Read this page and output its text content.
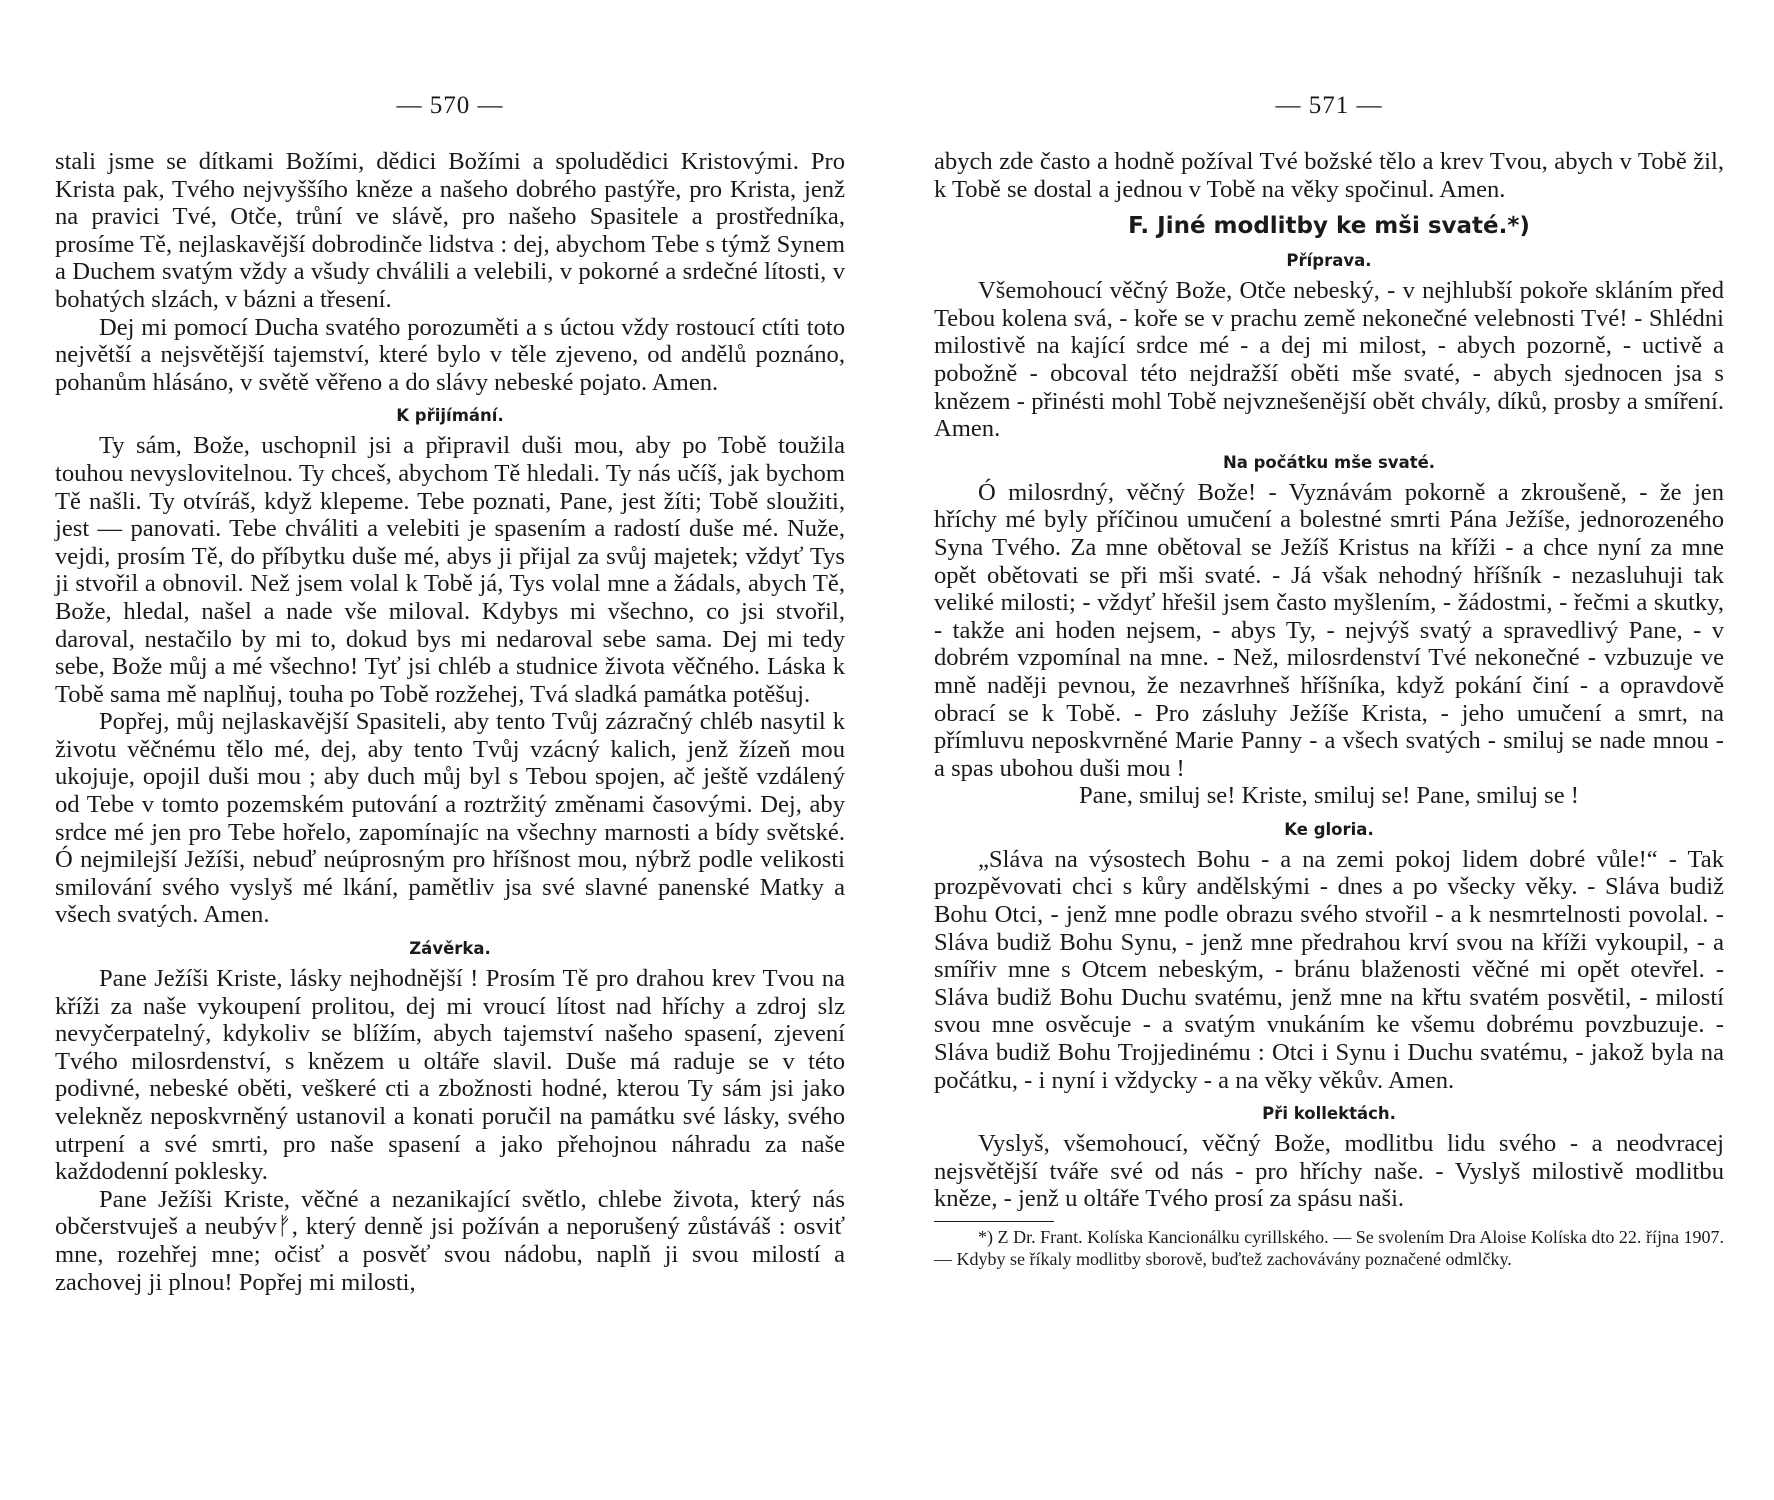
— 570 —

stali jsme se dítkami Božími, dědici Božími a spoludědici Kristovými. Pro Krista pak, Tvého nejvyššího kněze a našeho dobrého pastýře, pro Krista, jenž na pravici Tvé, Otče, trůní ve slávě, pro našeho Spasitele a prostředníka, prosíme Tě, nejlaskavější dobrodinče lidstva : dej, abychom Tebe s týmž Synem a Duchem svatým vždy a všudy chválili a velebili, v pokorné a srdečné lítosti, v bohatých slzách, v bázni a třesení.

Dej mi pomocí Ducha svatého porozuměti a s úctou vždy rostoucí ctíti toto největší a nejsvětější tajemství, které bylo v těle zjeveno, od andělů poznáno, pohanům hlásáno, v světě věřeno a do slávy nebeské pojato. Amen.

K přijímání.

Ty sám, Bože, uschopnil jsi a připravil duši mou, aby po Tobě toužila touhou nevyslovitelnou. Ty chceš, abychom Tě hledali. Ty nás učíš, jak bychom Tě našli. Ty otvíráš, když klepeme. Tebe poznati, Pane, jest žíti; Tobě sloužiti, jest — panovati. Tebe chváliti a velebiti je spasením a radostí duše mé. Nuže, vejdi, prosím Tě, do příbytku duše mé, abys ji přijal za svůj majetek; vždyť Tys ji stvořil a obnovil. Než jsem volal k Tobě já, Tys volal mne a žádals, abych Tě, Bože, hledal, našel a nade vše miloval. Kdybys mi všechno, co jsi stvořil, daroval, nestačilo by mi to, dokud bys mi nedaroval sebe sama. Dej mi tedy sebe, Bože můj a mé všechno! Tyť jsi chléb a studnice života věčného. Láska k Tobě sama mě naplňuj, touha po Tobě rozžehej, Tvá sladká památka potěšuj.

Popřej, můj nejlaskavější Spasiteli, aby tento Tvůj zázračný chléb nasytil k životu věčnému tělo mé, dej, aby tento Tvůj vzácný kalich, jenž žízeň mou ukojuje, opojil duši mou ; aby duch můj byl s Tebou spojen, ač ještě vzdálený od Tebe v tomto pozemském putování a roztržitý změnami časovými. Dej, aby srdce mé jen pro Tebe hořelo, zapomínajíc na všechny marnosti a bídy světské. Ó nejmilejší Ježíši, nebuď neúprosným pro hříšnost mou, nýbrž podle velikosti smilování svého vyslyš mé lkání, pamětliv jsa své slavné panenské Matky a všech svatých. Amen.

Závěrka.

Pane Ježíši Kriste, lásky nejhodnější ! Prosím Tě pro drahou krev Tvou na kříži za naše vykoupení prolitou, dej mi vroucí lítost nad hříchy a zdroj slz nevyčerpatelný, kdykoliv se blížím, abych tajemství našeho spasení, zjevení Tvého milosrdenství, s knězem u oltáře slavil. Duše má raduje se v této podivné, nebeské oběti, veškeré cti a zbožnosti hodné, kterou Ty sám jsi jako velekněz neposkvrněný ustanovil a konati poručil na památku své lásky, svého utrpení a své smrti, pro naše spasení a jako přehojnou náhradu za naše každodenní poklesky.

Pane Ježíši Kriste, věčné a nezanikající světlo, chlebe života, který nás občerstvuješ a neubývᚠ, který denně jsi požíván a neporušený zůstáváš : osviť mne, rozehřej mne; očisť a posvěť svou nádobu, naplň ji svou milostí a zachovej ji plnou! Popřej mi milosti,

— 571 —

abych zde často a hodně požíval Tvé božské tělo a krev Tvou, abych v Tobě žil, k Tobě se dostal a jednou v Tobě na věky spočinul. Amen.

F. Jiné modlitby ke mši svaté.*)
Příprava.

Všemohoucí věčný Bože, Otče nebeský, - v nejhlubší pokoře skláním před Tebou kolena svá, - koře se v prachu země nekonečné velebnosti Tvé! - Shlédni milostivě na kající srdce mé - a dej mi milost, - abych pozorně, - uctivě a pobožně - obcoval této nejdražší oběti mše svaté, - abych sjednocen jsa s knězem - přinésti mohl Tobě nejvznešenější obět chvály, díků, prosby a smíření. Amen.

Na počátku mše svaté.

Ó milosrdný, věčný Bože! - Vyznávám pokorně a zkroušeně, - že jen hříchy mé byly příčinou umučení a bolestné smrti Pána Ježíše, jednorozeného Syna Tvého. Za mne obětoval se Ježíš Kristus na kříži - a chce nyní za mne opět obětovati se při mši svaté. - Já však nehodný hříšník - nezasluhuji tak veliké milosti; - vždyť hřešil jsem často myšlením, - žádostmi, - řečmi a skutky, - takže ani hoden nejsem, - abys Ty, - nejvýš svatý a spravedlivý Pane, - v dobrém vzpomínal na mne. - Než, milosrdenství Tvé nekonečné - vzbuzuje ve mně naději pevnou, že nezavrhneš hříšníka, když pokání činí - a opravdově obrací se k Tobě. - Pro zásluhy Ježíše Krista, - jeho umučení a smrt, na přímluvu neposkvrněné Marie Panny - a všech svatých - smiluj se nade mnou - a spas ubohou duši mou !

Pane, smiluj se! Kriste, smiluj se! Pane, smiluj se !

Ke gloria.

„Sláva na výsostech Bohu - a na zemi pokoj lidem dobré vůle!“ - Tak prozpěvovati chci s kůry andělskými - dnes a po všecky věky. - Sláva budiž Bohu Otci, - jenž mne podle obrazu svého stvořil - a k nesmrtelnosti povolal. - Sláva budiž Bohu Synu, - jenž mne předrahou krví svou na kříži vykoupil, - a smířiv mne s Otcem nebeským, - bránu blaženosti věčné mi opět otevřel. - Sláva budiž Bohu Duchu svatému, jenž mne na křtu svatém posvětil, - milostí svou mne osvěcuje - a svatým vnukáním ke všemu dobrému povzbuzuje. - Sláva budiž Bohu Trojjedinému : Otci i Synu i Duchu svatému, - jakož byla na počátku, - i nyní i vždycky - a na věky věkův. Amen.

Při kollektách.

Vyslyš, všemohoucí, věčný Bože, modlitbu lidu svého - a neodvracej nejsvětější tváře své od nás - pro hříchy naše. - Vyslyš milostivě modlitbu kněze, - jenž u oltáře Tvého prosí za spásu naši.

*) Z Dr. Frant. Kolíska Kancionálku cyrillského. — Se svolením Dra Aloise Kolíska dto 22. října 1907. — Kdyby se říkaly modlitby sborově, buďtež zachovávány poznačené odmlčky.
